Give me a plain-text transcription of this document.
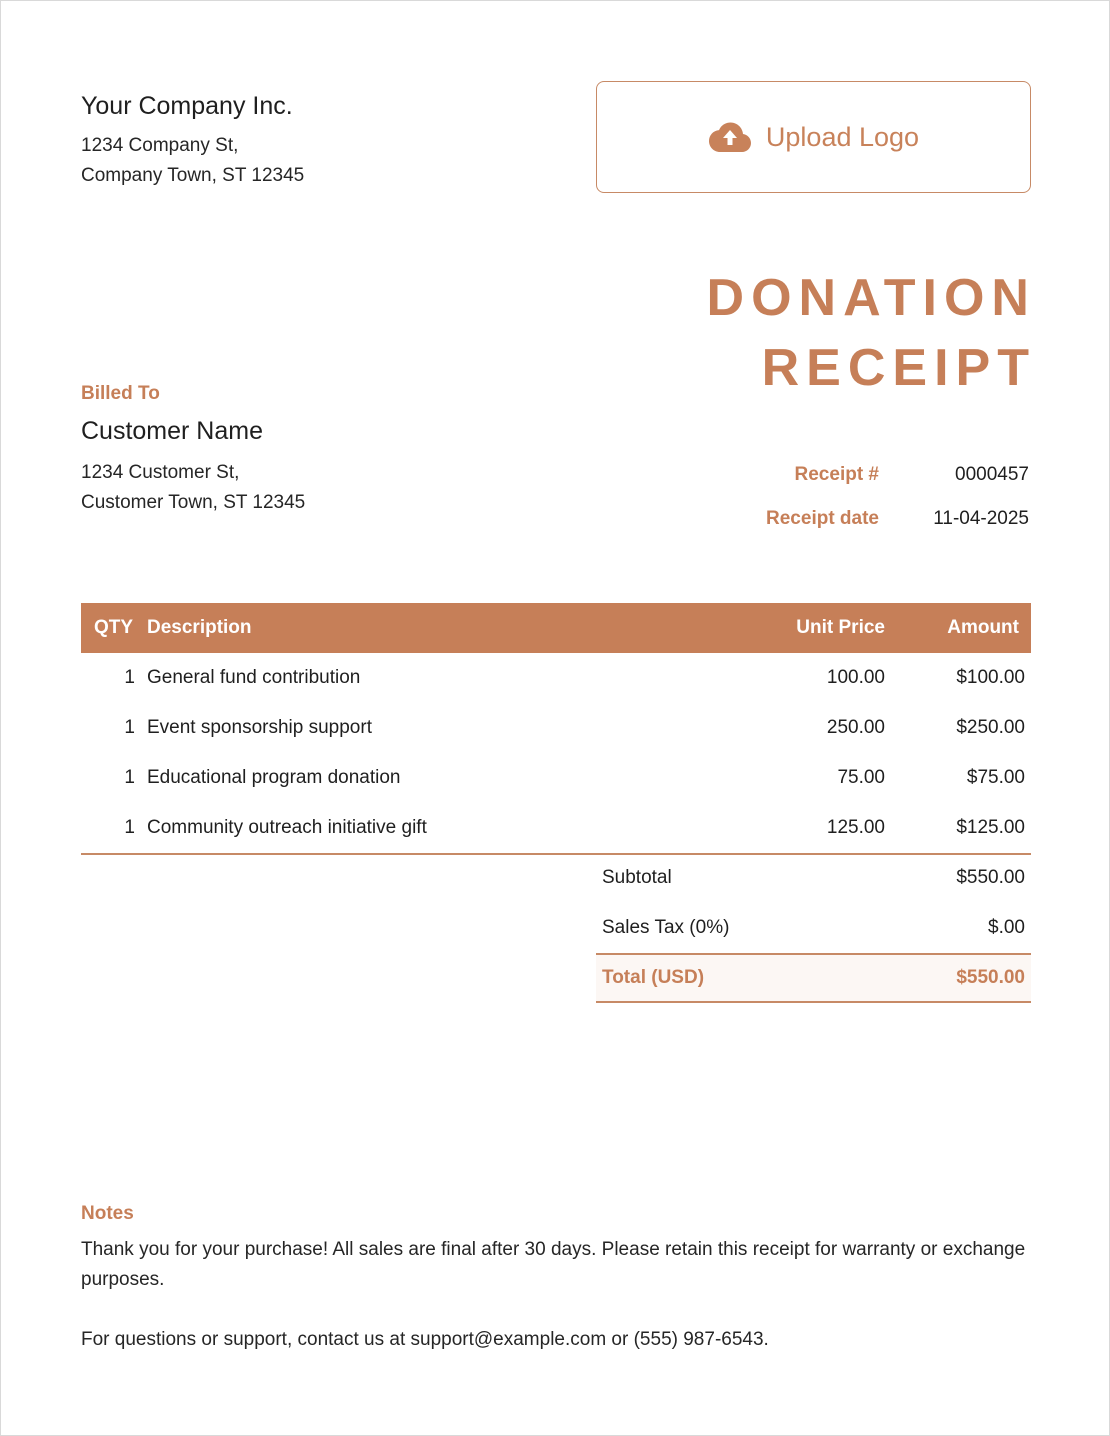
Your Company Inc.
1234 Company St,
Company Town, ST 12345
Upload Logo
DONATION
RECEIPT
Billed To
Customer Name
1234 Customer St,
Customer Town, ST 12345
Receipt #	0000457
Receipt date	11-04-2025
QTY Description	Unit Price	Amount
1 General fund contribution	100.00	$100.00
1 Event sponsorship support	250.00	$250.00
1 Educational program donation	75.00	$75.00
1 Community outreach initiative gift	125.00	$125.00
Subtotal	$550.00
Sales Tax (0%)	$.00
Total (USD)	$550.00
Notes
Thank you for your purchase! All sales are final after 30 days. Please retain this receipt for warranty or exchange purposes.
For questions or support, contact us at support@example.com or (555) 987-6543.
